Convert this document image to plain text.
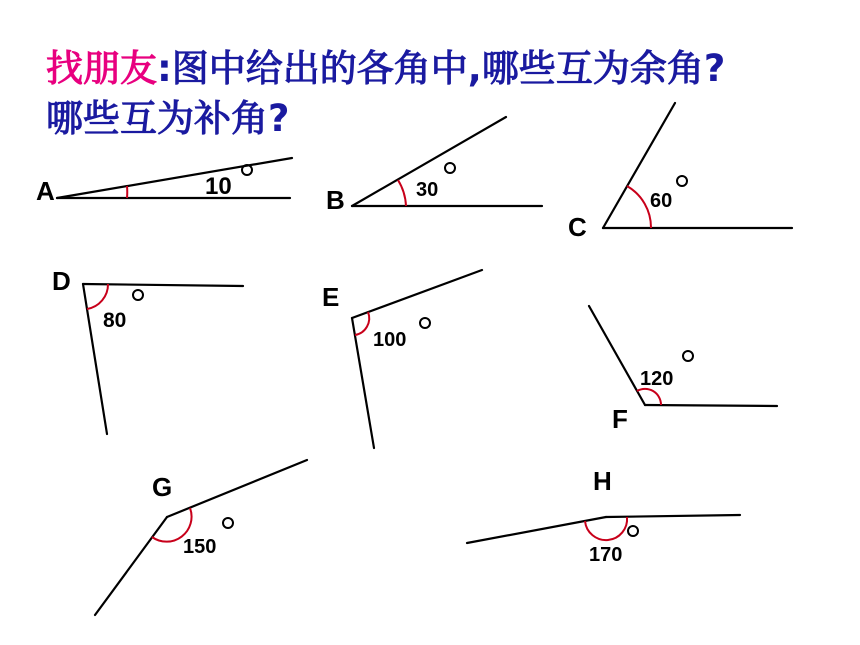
找朋友:图中给出的各角中,哪些互为余角?
哪些互为补角?
A	10	B	30
C
60
D
80
E
100
F
120
G
150
H
170
